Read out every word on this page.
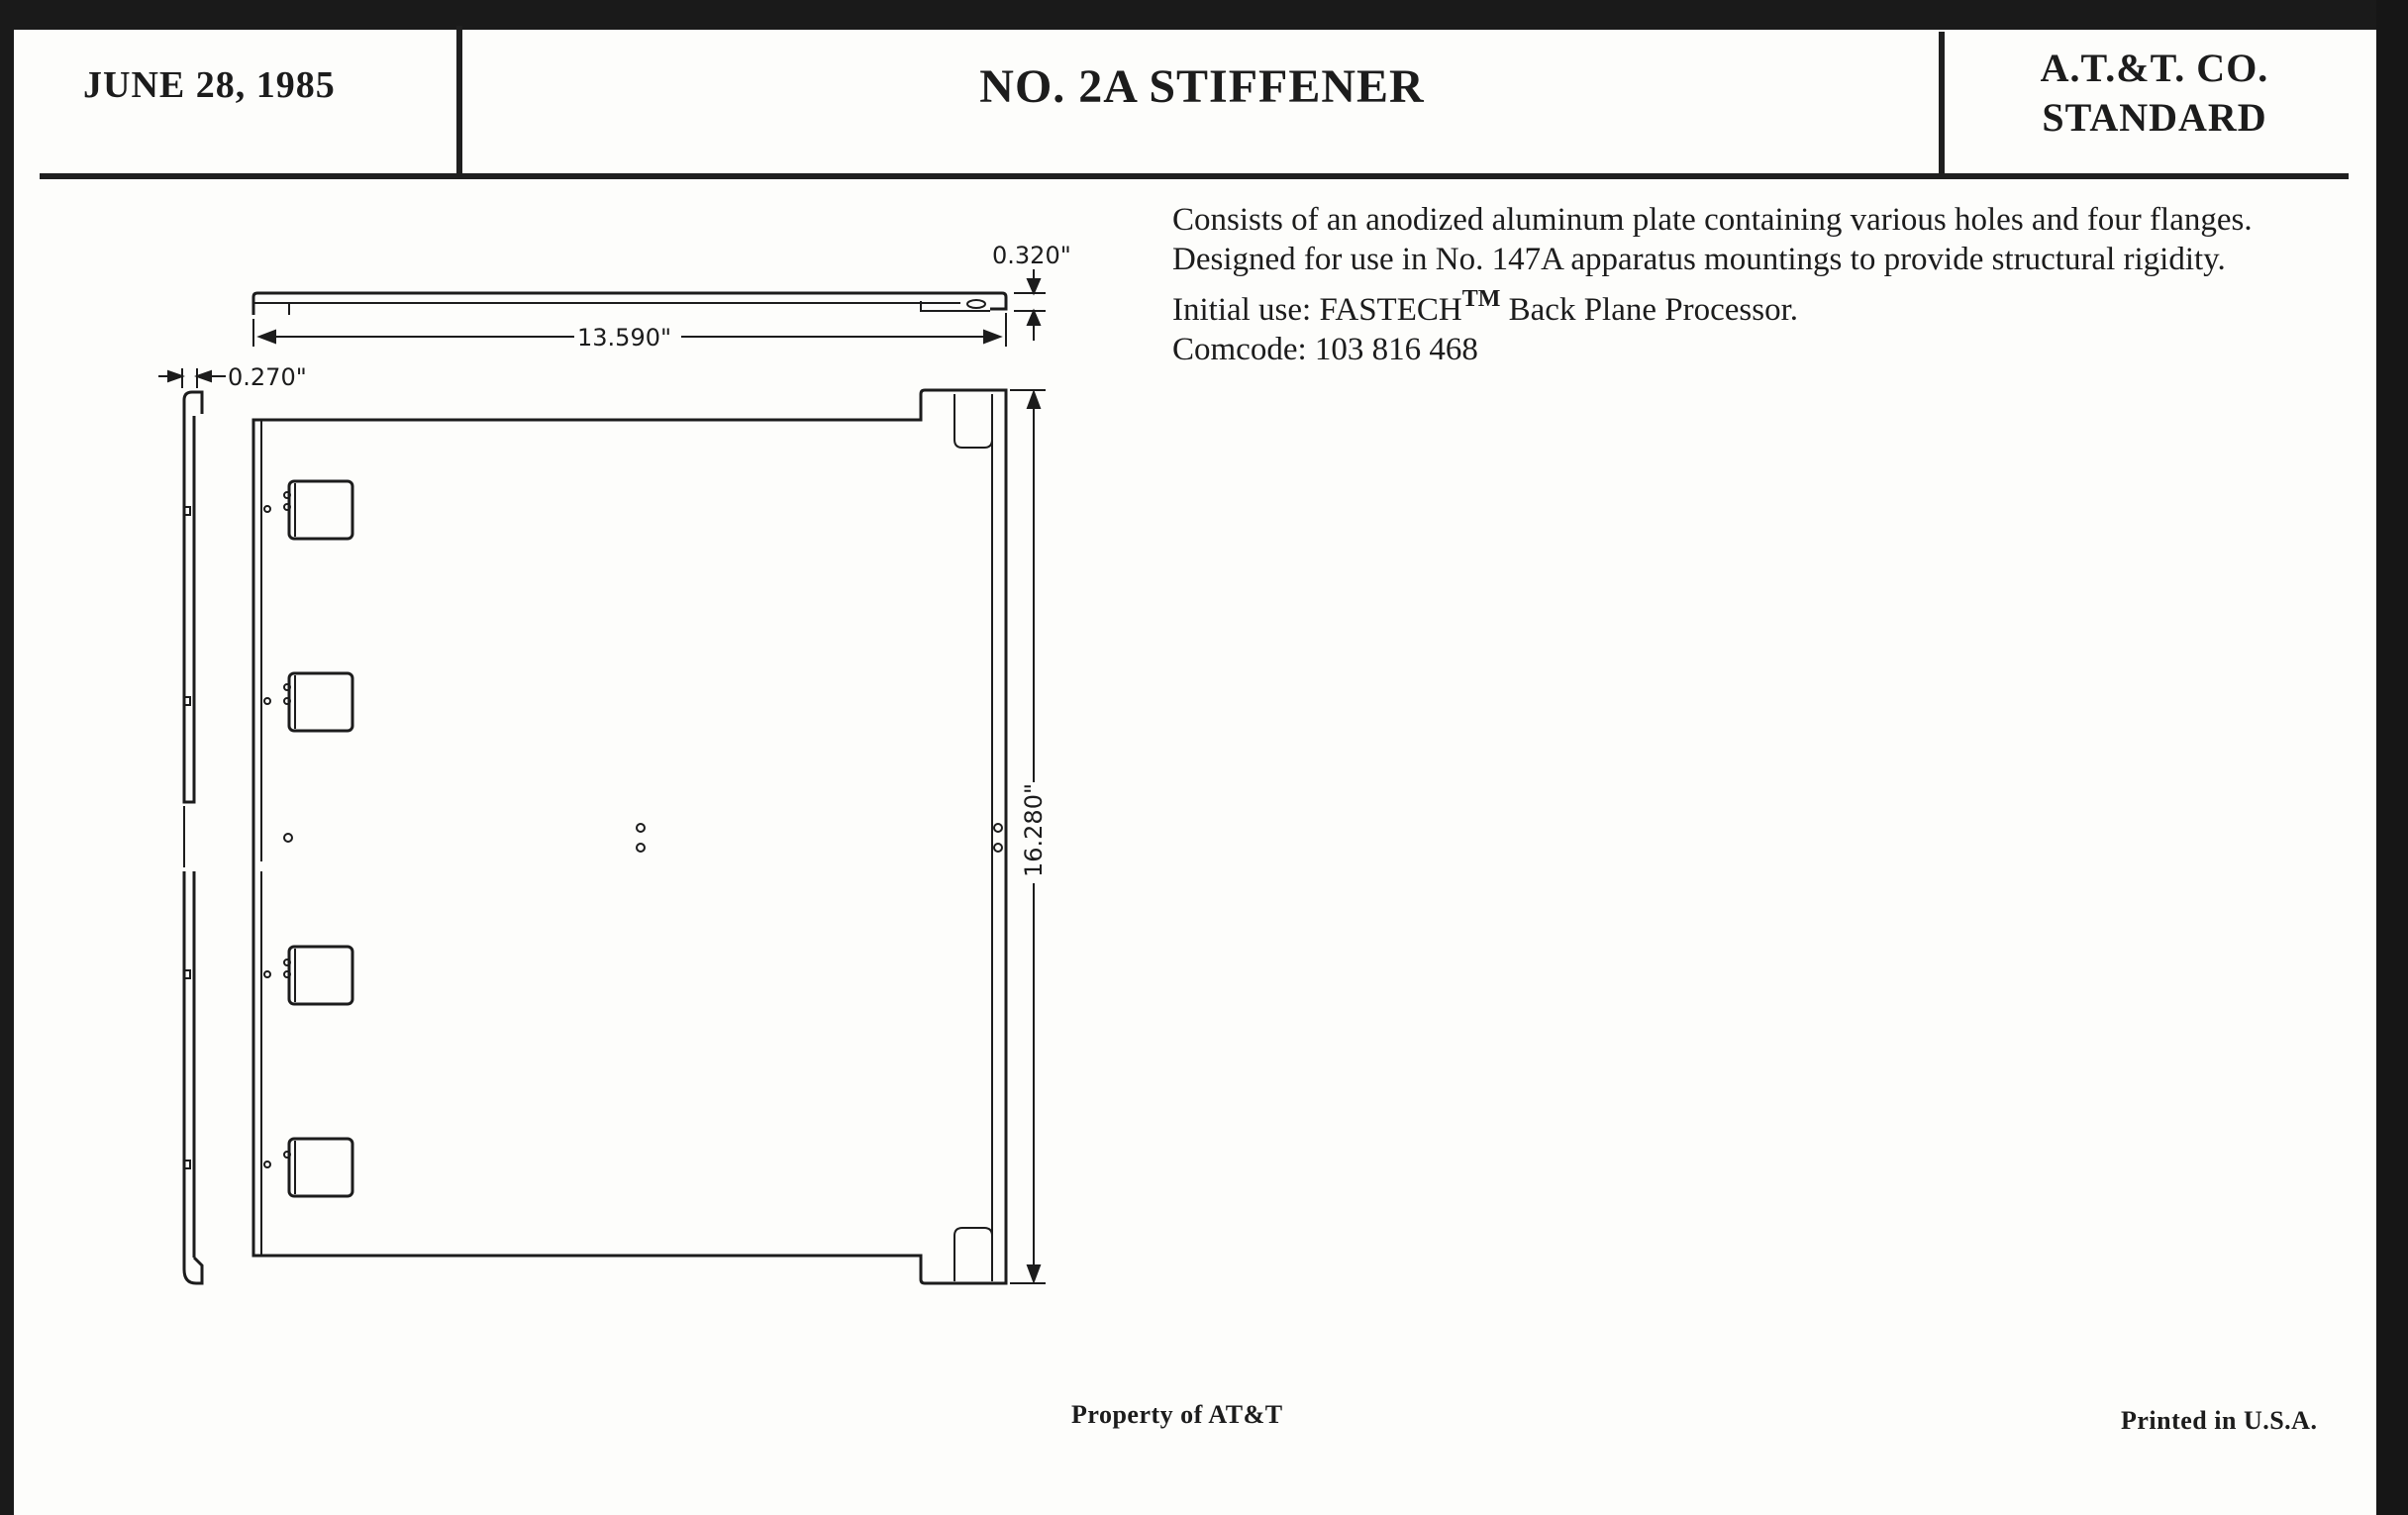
JUNE 28, 1985	NO. 2A STIFFENER	A.T.&T. CO.
STANDARD
Consists of an anodized aluminum plate containing various holes and four flanges.
Designed for use in No. 147A apparatus mountings to provide structural rigidity.
Initial use: FASTECH™ Back Plane Processor.
Comcode: 103 816 468
13.590"
0.320"
0.270"
16.280"
Property of AT&T	Printed in U.S.A.
